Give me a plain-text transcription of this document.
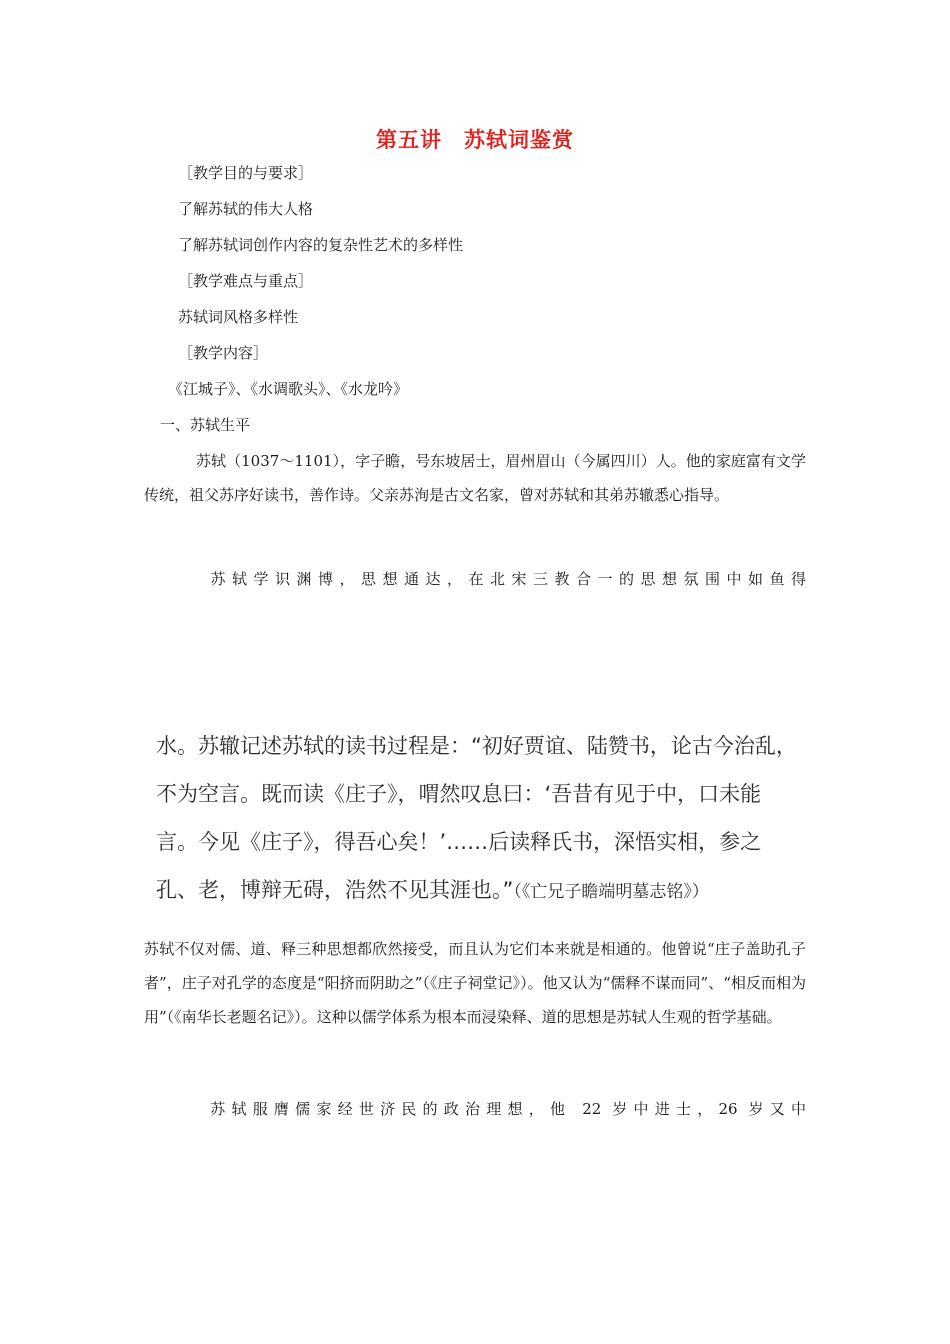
第五讲　苏轼词鉴赏
［教学目的与要求］
了解苏轼的伟大人格
了解苏轼词创作内容的复杂性艺术的多样性
［教学难点与重点］
苏轼词风格多样性
［教学内容］
《江城子》、《水调歌头》、《水龙吟》
一、苏轼生平
苏轼（1037～1101），字子瞻，号东坡居士，眉州眉山（今属四川）人。他的家庭富有文学传统，祖父苏序好读书，善作诗。父亲苏洵是古文名家，曾对苏轼和其弟苏辙悉心指导。
苏轼学识渊博，思想通达，在北宋三教合一的思想氛围中如鱼得
水。苏辙记述苏轼的读书过程是：“初好贾谊、陆赞书，论古今治乱，
不为空言。既而读《庄子》，喟然叹息曰：‘吾昔有见于中，口未能
言。今见《庄子》，得吾心矣！’……后读释氏书，深悟实相，参之
孔、老，博辩无碍，浩然不见其涯也。”（《亡兄子瞻端明墓志铭》）
苏轼不仅对儒、道、释三种思想都欣然接受，而且认为它们本来就是相通的。他曾说“庄子盖助孔子者”，庄子对孔学的态度是“阳挤而阴助之”（《庄子祠堂记》）。他又认为“儒释不谋而同”、“相反而相为用”（《南华长老题名记》）。这种以儒学体系为根本而浸染释、道的思想是苏轼人生观的哲学基础。
苏轼服膺儒家经世济民的政治理想，他 22 岁中进士，26 岁又中
